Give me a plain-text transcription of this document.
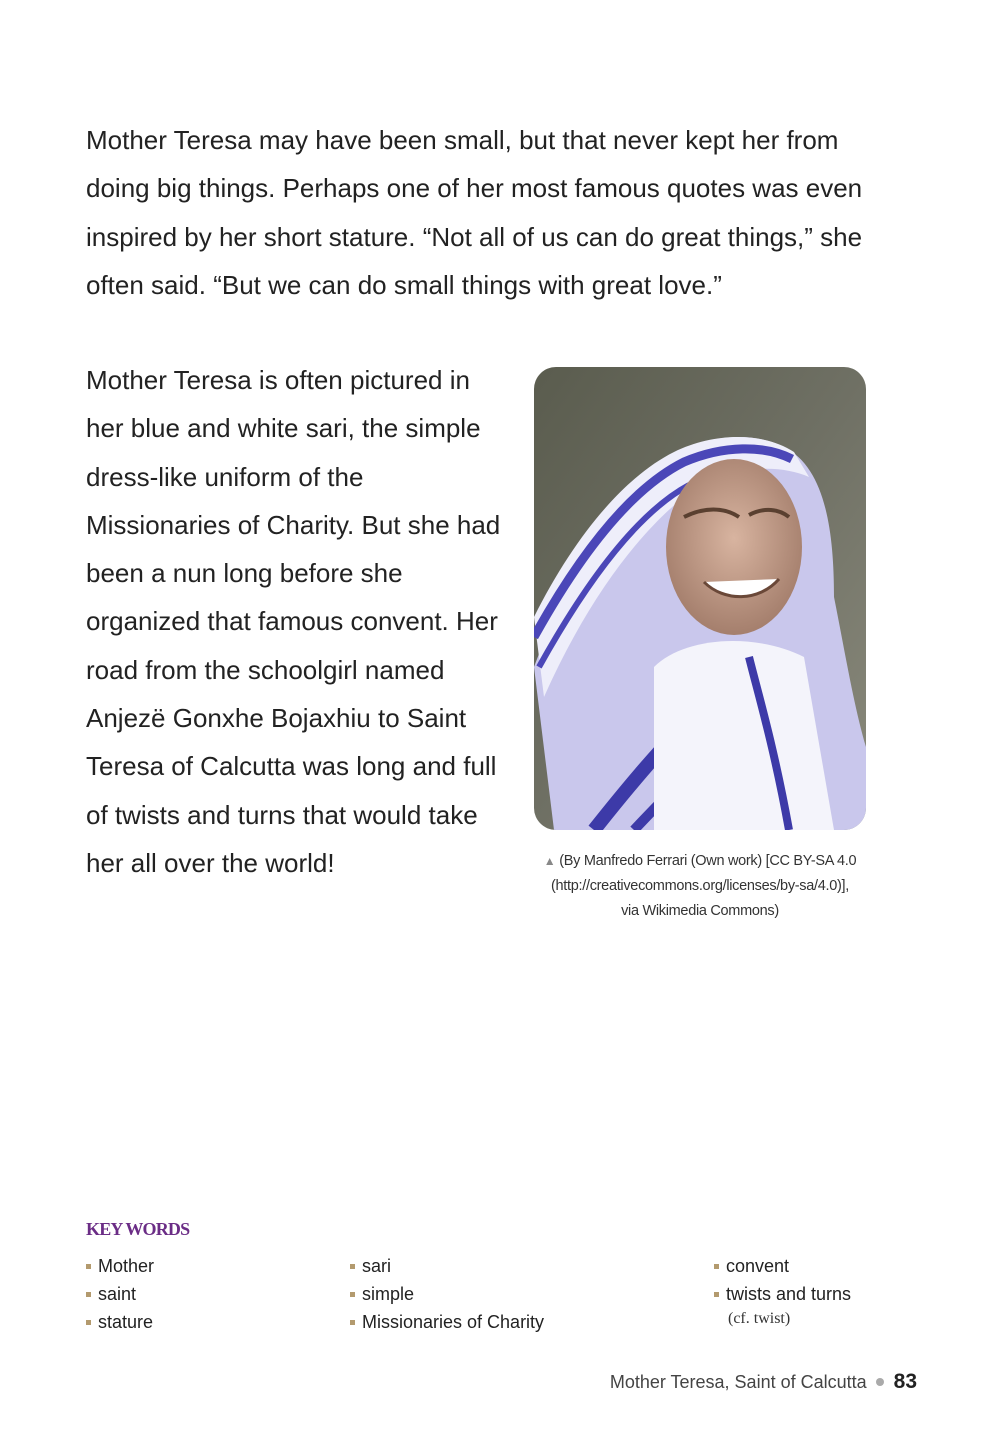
Mother Teresa may have been small, but that never kept her from doing big things. Perhaps one of her most famous quotes was even inspired by her short stature. “Not all of us can do great things,” she often said. “But we can do small things with great love.”

Mother Teresa is often pictured in her blue and white sari, the simple dress-like uniform of the Missionaries of Charity. But she had been a nun long before she organized that famous convent. Her road from the schoolgirl named Anjezë Gonxhe Bojaxhiu to Saint Teresa of Calcutta was long and full of twists and turns that would take her all over the world!	▲ (By Manfredo Ferrari (Own work) [CC BY-SA 4.0
(http://creativecommons.org/licenses/by-sa/4.0)],
via Wikimedia Commons)

KEY WORDS

Mother
saint
stature
sari
simple
Missionaries of Charity
convent
twists and turns
(cf. twist)
Mother Teresa, Saint of Calcutta 83
